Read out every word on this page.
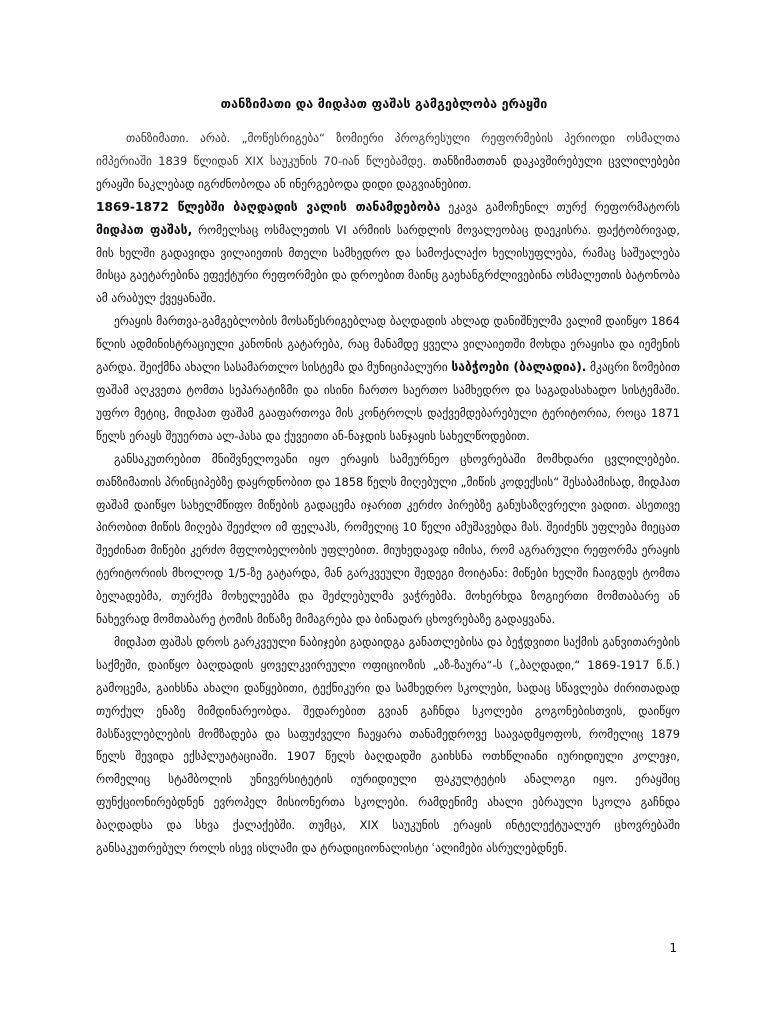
თანზიმათი და მიდჰათ ფაშას გამგებლობა ერაყში

თანზიმათი. არაბ. „მოწესრიგება“ ზომიერი პროგრესული რეფორმების პერიოდი ოსმალთა იმპერიაში 1839 წლიდან XIX საუკუნის 70-იან წლებამდე. თანზიმათთან დაკავშირებული ცვლილებები ერაყში ნაკლებად იგრძნობოდა ან ინერგებოდა დიდი დაგვიანებით.

1869-1872 წლებში ბაღდადის ვალის თანამდებობა ეკავა გამოჩენილ თურქ რეფორმატორს მიდჰათ ფაშას, რომელსაც ოსმალეთის VI არმიის სარდლის მოვალეობაც დაეკისრა. ფაქტობრივად, მის ხელში გადავიდა ვილაიეთის მთელი სამხედრო და სამოქალაქო ხელისუფლება, რამაც საშუალება მისცა გაეტარებინა ეფექტური რეფორმები და დროებით მაინც გაეხანგრძლივებინა ოსმალეთის ბატონობა ამ არაბულ ქვეყანაში.

ერაყის მართვა-გამგებლობის მოსაწესრიგებლად ბაღდადის ახლად დანიშნულმა ვალიმ დაიწყო 1864 წლის ადმინისტრაციული კანონის გატარება, რაც მანამდე ყველა ვილაიეთში მოხდა ერაყისა და იემენის გარდა. შეიქმნა ახალი სასამართლო სისტემა და მუნიციპალური საბჭოები (ბალადია). მკაცრი ზომებით ფაშამ აღკვეთა ტომთა სეპარატიზმი და ისინი ჩართო საერთო სამხედრო და საგადასახადო სისტემაში. უფრო მეტიც, მიდჰათ ფაშამ გააფართოვა მის კონტროლს დაქვემდებარებული ტერიტორია, როცა 1871 წელს ერაყს შეუერთა ალ-ჰასა და ქუვეითი ან-ნაჯდის სანჯაყის სახელწოდებით.

განსაკუთრებით მნიშვნელოვანი იყო ერაყის სამეურნეო ცხოვრებაში მომხდარი ცვლილებები. თანზიმათის პრინციპებზე დაყრდნობით და 1858 წელს მიღებული „მიწის კოდექსის“ შესაბამისად, მიდჰათ ფაშამ დაიწყო სახელმწიფო მიწების გადაცემა იჯარით კერძო პირებზე განუსაზღვრელი ვადით. ასეთივე პირობით მიწის მიღება შეეძლო იმ ფელაჰს, რომელიც 10 წელი ამუშავებდა მას. შეიძენს უფლება მიეცათ შეეძინათ მიწები კერძო მფლობელობის უფლებით. მიუხედავად იმისა, რომ აგრარული რეფორმა ერაყის ტერიტორიის მხოლოდ 1/5-ზე გატარდა, მან გარკვეული შედეგი მოიტანა: მიწები ხელში ჩაიგდეს ტომთა ბელადებმა, თურქმა მოხელეებმა და შეძლებულმა ვაჭრებმა. მოხერხდა ზოგიერთი მომთაბარე ან ნახევრად მომთაბარე ტომის მიწაზე მიმაგრება და ბინადარ ცხოვრებაზე გადაყვანა.

მიდჰათ ფაშას დროს გარკვეული ნაბიჯები გადაიდგა განათლებისა და ბეჭდვითი საქმის განვითარების საქმეში, დაიწყო ბაღდადის ყოველკვირეული ოფიციოზის „აზ-ზაურა“-ს („ბაღდადი,“ 1869-1917 წ.წ.) გამოცემა, გაიხსნა ახალი დაწყებითი, ტექნიკური და სამხედრო სკოლები, სადაც სწავლება ძირითადად თურქულ ენაზე მიმდინარეობდა. შედარებით გვიან გაჩნდა სკოლები გოგონებისთვის, დაიწყო მასწავლებლების მომზადება და საფუძველი ჩაეყარა თანამედროვე საავადმყოფოს, რომელიც 1879 წელს შევიდა ექსპლუატაციაში. 1907 წელს ბაღდადში გაიხსნა ოთხწლიანი იურიდიული კოლეჯი, რომელიც სტამბოლის უნივერსიტეტის იურიდიული ფაკულტეტის ანალოგი იყო. ერაყშიც ფუნქციონირებდნენ ევროპელ მისიონერთა სკოლები. რამდენიმე ახალი ებრაული სკოლა გაჩნდა ბაღდადსა და სხვა ქალაქებში. თუმცა, XIX საუკუნის ერაყის ინტელექტუალურ ცხოვრებაში განსაკუთრებულ როლს ისევ ისლამი და ტრადიციონალისტი ʿალიმები ასრულებდნენ.

1
